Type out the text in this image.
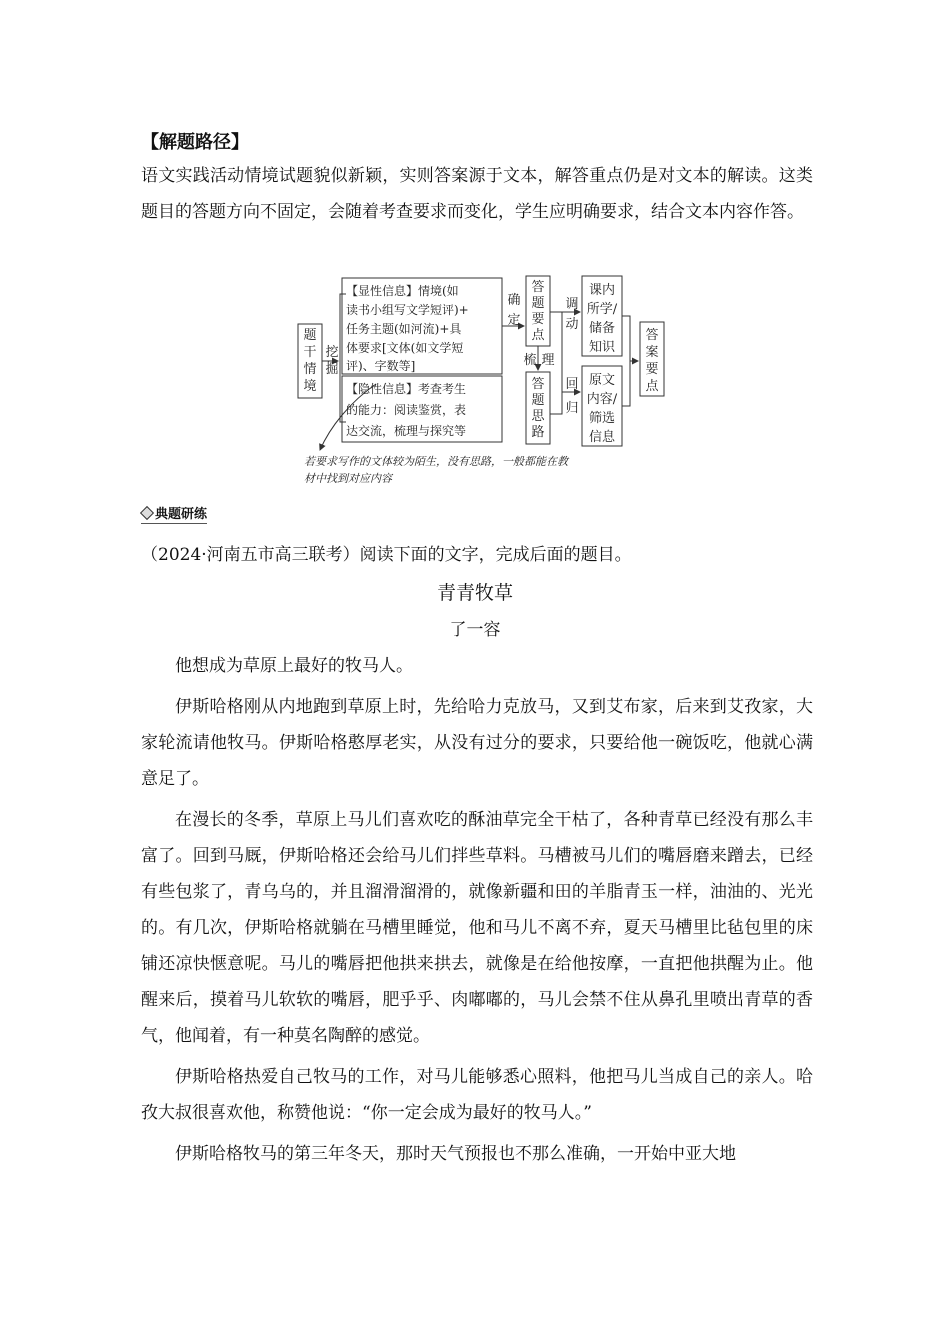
【解题路径】
语文实践活动情境试题貌似新颖，实则答案源于文本，解答重点仍是对文本的解读。这类题目的答题方向不固定，会随着考查要求而变化，学生应明确要求，结合文本内容作答。
题
干
情
境
挖
掘
确
定
答
题
要
点
梳 理
答
题
思
路
调
动
回
归
课内
所学/
储备
知识
原文
内容/
筛选
信息
答
案
要
点
【显性信息】情境(如
读书小组写文学短评)+
任务主题(如河流)+具
体要求[文体(如文学短
评)、字数等]
【隐性信息】考查考生
的能力：阅读鉴赏，表
达交流，梳理与探究等
若要求写作的文体较为陌生，没有思路，一般都能在教
材中找到对应内容
典题研练
（2024·河南五市高三联考）阅读下面的文字，完成后面的题目。
青青牧草
了一容

他想成为草原上最好的牧马人。

伊斯哈格刚从内地跑到草原上时，先给哈力克放马，又到艾布家，后来到艾孜家，大家轮流请他牧马。伊斯哈格憨厚老实，从没有过分的要求，只要给他一碗饭吃，他就心满意足了。

在漫长的冬季，草原上马儿们喜欢吃的酥油草完全干枯了，各种青草已经没有那么丰富了。回到马厩，伊斯哈格还会给马儿们拌些草料。马槽被马儿们的嘴唇磨来蹭去，已经有些包浆了，青乌乌的，并且溜滑溜滑的，就像新疆和田的羊脂青玉一样，油油的、光光的。有几次，伊斯哈格就躺在马槽里睡觉，他和马儿不离不弃，夏天马槽里比毡包里的床铺还凉快惬意呢。马儿的嘴唇把他拱来拱去，就像是在给他按摩，一直把他拱醒为止。他醒来后，摸着马儿软软的嘴唇，肥乎乎、肉嘟嘟的，马儿会禁不住从鼻孔里喷出青草的香气，他闻着，有一种莫名陶醉的感觉。

伊斯哈格热爱自己牧马的工作，对马儿能够悉心照料，他把马儿当成自己的亲人。哈孜大叔很喜欢他，称赞他说：“你一定会成为最好的牧马人。”

伊斯哈格牧马的第三年冬天，那时天气预报也不那么准确，一开始中亚大地
